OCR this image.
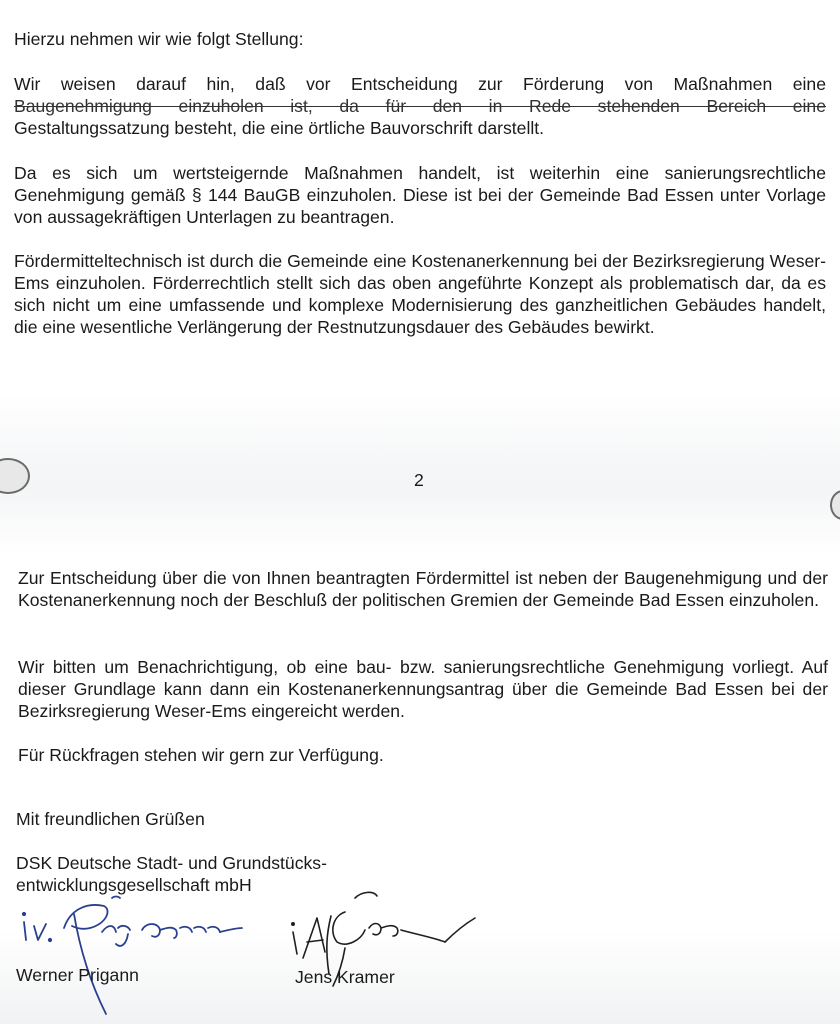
Hierzu nehmen wir wie folgt Stellung:

Wir weisen darauf hin, daß vor Entscheidung zur Förderung von Maßnahmen eine
Baugenehmigung einzuholen ist, da für den in Rede stehenden Bereich eine
Gestaltungssatzung besteht, die eine örtliche Bauvorschrift darstellt.

Da es sich um wertsteigernde Maßnahmen handelt, ist weiterhin eine sanierungsrechtliche Genehmigung gemäß § 144 BauGB einzuholen. Diese ist bei der Gemeinde Bad Essen unter Vorlage von aussagekräftigen Unterlagen zu beantragen.

Fördermitteltechnisch ist durch die Gemeinde eine Kostenanerkennung bei der Bezirksregierung Weser-Ems einzuholen. Förderrechtlich stellt sich das oben angeführte Konzept als problematisch dar, da es sich nicht um eine umfassende und komplexe Modernisierung des ganzheitlichen Gebäudes handelt, die eine wesentliche Verlängerung der Restnutzungsdauer des Gebäudes bewirkt.

2

Zur Entscheidung über die von Ihnen beantragten Fördermittel ist neben der Baugenehmigung und der Kostenanerkennung noch der Beschluß der politischen Gremien der Gemeinde Bad Essen einzuholen.

Wir bitten um Benachrichtigung, ob eine bau- bzw. sanierungsrechtliche Genehmigung vorliegt. Auf dieser Grundlage kann dann ein Kostenanerkennungsantrag über die Gemeinde Bad Essen bei der Bezirksregierung Weser-Ems eingereicht werden.

Für Rückfragen stehen wir gern zur Verfügung.

Mit freundlichen Grüßen

DSK Deutsche Stadt- und Grundstücks-
entwicklungsgesellschaft mbH

Werner Prigann	Jens Kramer
